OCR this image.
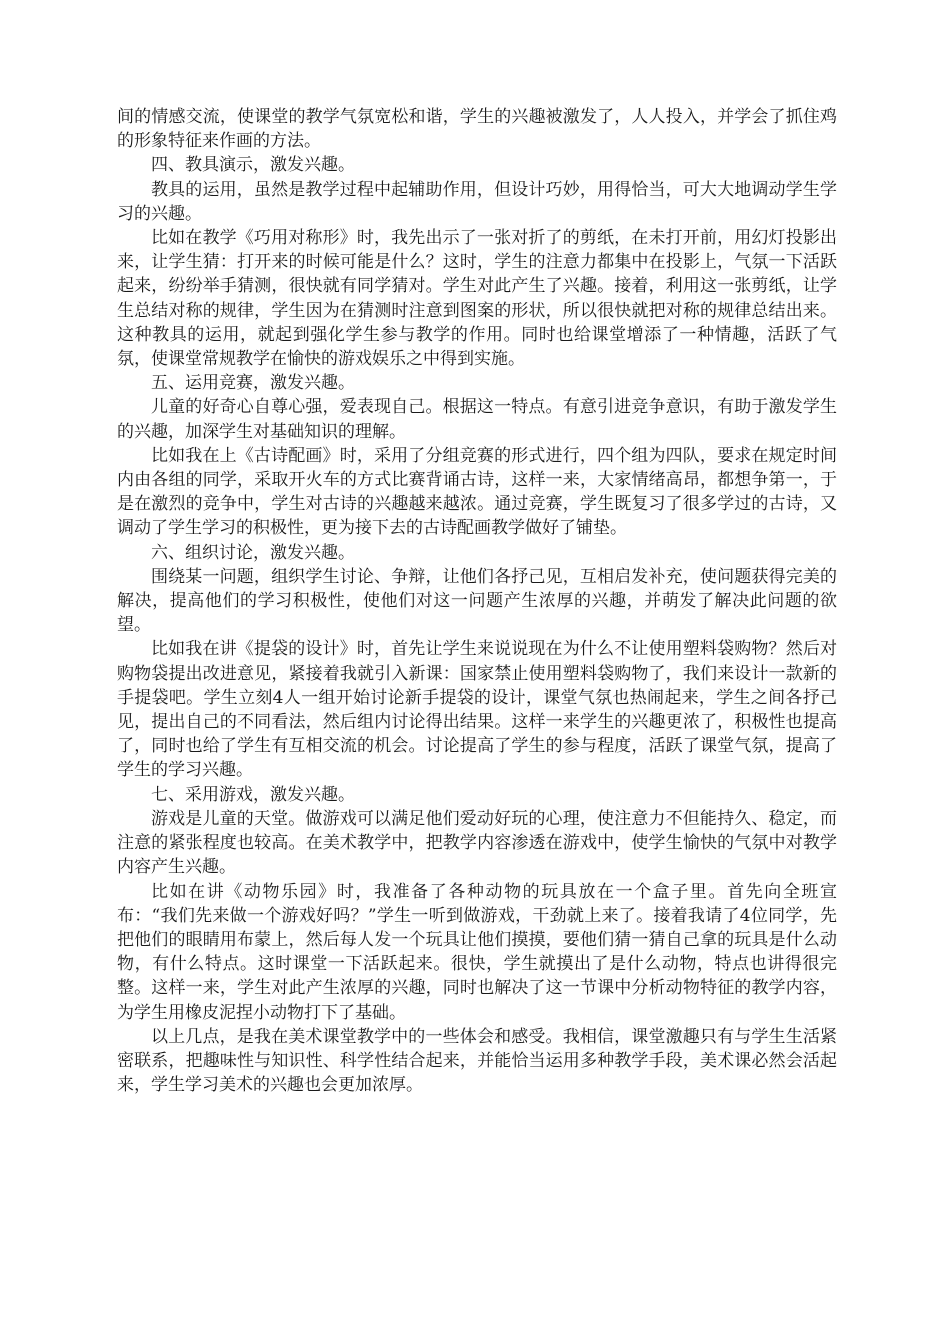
间的情感交流，使课堂的教学气氛宽松和谐，学生的兴趣被激发了，人人投入，并学会了抓住鸡的形象特征来作画的方法。

四、教具演示，激发兴趣。

教具的运用，虽然是教学过程中起辅助作用，但设计巧妙，用得恰当，可大大地调动学生学习的兴趣。

比如在教学《巧用对称形》时，我先出示了一张对折了的剪纸，在未打开前，用幻灯投影出来，让学生猜：打开来的时候可能是什么？这时，学生的注意力都集中在投影上，气氛一下活跃起来，纷纷举手猜测，很快就有同学猜对。学生对此产生了兴趣。接着，利用这一张剪纸，让学生总结对称的规律，学生因为在猜测时注意到图案的形状，所以很快就把对称的规律总结出来。这种教具的运用，就起到强化学生参与教学的作用。同时也给课堂增添了一种情趣，活跃了气氛，使课堂常规教学在愉快的游戏娱乐之中得到实施。

五、运用竞赛，激发兴趣。

儿童的好奇心自尊心强，爱表现自己。根据这一特点。有意引进竞争意识，有助于激发学生的兴趣，加深学生对基础知识的理解。

比如我在上《古诗配画》时，采用了分组竞赛的形式进行，四个组为四队，要求在规定时间内由各组的同学，采取开火车的方式比赛背诵古诗，这样一来，大家情绪高昂，都想争第一，于是在激烈的竞争中，学生对古诗的兴趣越来越浓。通过竞赛，学生既复习了很多学过的古诗，又调动了学生学习的积极性，更为接下去的古诗配画教学做好了铺垫。

六、组织讨论，激发兴趣。

围绕某一问题，组织学生讨论、争辩，让他们各抒己见，互相启发补充，使问题获得完美的解决，提高他们的学习积极性，使他们对这一问题产生浓厚的兴趣，并萌发了解决此问题的欲望。

比如我在讲《提袋的设计》时，首先让学生来说说现在为什么不让使用塑料袋购物？然后对购物袋提出改进意见，紧接着我就引入新课：国家禁止使用塑料袋购物了，我们来设计一款新的手提袋吧。学生立刻4人一组开始讨论新手提袋的设计，课堂气氛也热闹起来，学生之间各抒己见，提出自己的不同看法，然后组内讨论得出结果。这样一来学生的兴趣更浓了，积极性也提高了，同时也给了学生有互相交流的机会。讨论提高了学生的参与程度，活跃了课堂气氛，提高了学生的学习兴趣。

七、采用游戏，激发兴趣。

游戏是儿童的天堂。做游戏可以满足他们爱动好玩的心理，使注意力不但能持久、稳定，而注意的紧张程度也较高。在美术教学中，把教学内容渗透在游戏中，使学生愉快的气氛中对教学内容产生兴趣。

比如在讲《动物乐园》时，我准备了各种动物的玩具放在一个盒子里。首先向全班宣布：“我们先来做一个游戏好吗？”学生一听到做游戏，干劲就上来了。接着我请了4位同学，先把他们的眼睛用布蒙上，然后每人发一个玩具让他们摸摸，要他们猜一猜自己拿的玩具是什么动物，有什么特点。这时课堂一下活跃起来。很快，学生就摸出了是什么动物，特点也讲得很完整。这样一来，学生对此产生浓厚的兴趣，同时也解决了这一节课中分析动物特征的教学内容，为学生用橡皮泥捏小动物打下了基础。

以上几点，是我在美术课堂教学中的一些体会和感受。我相信，课堂激趣只有与学生生活紧密联系，把趣味性与知识性、科学性结合起来，并能恰当运用多种教学手段，美术课必然会活起来，学生学习美术的兴趣也会更加浓厚。
